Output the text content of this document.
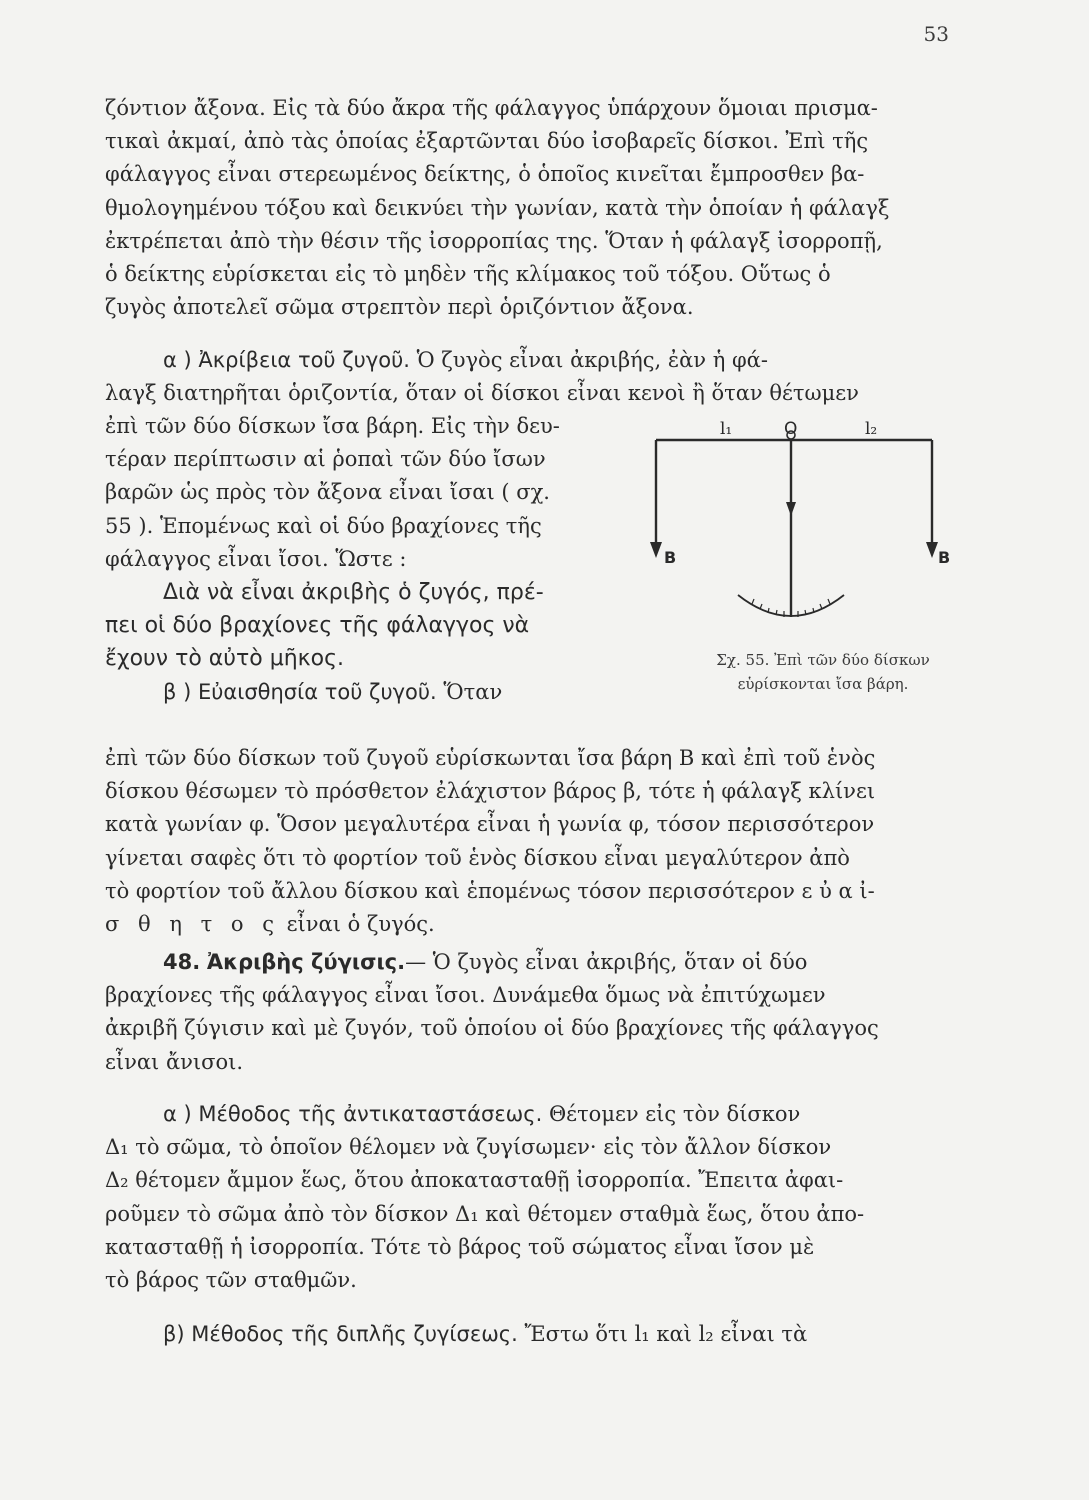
53
ζόντιον ἄξονα. Εἰς τὰ δύο ἄκρα τῆς φάλαγγος ὑπάρχουν ὅμοιαι πρισμα-
τικαὶ ἀκμαί, ἀπὸ τὰς ὁποίας ἐξαρτῶνται δύο ἰσοβαρεῖς δίσκοι. Ἐπὶ τῆς
φάλαγγος εἶναι στερεωμένος δείκτης, ὁ ὁποῖος κινεῖται ἔμπροσθεν βα-
θμολογημένου τόξου καὶ δεικνύει τὴν γωνίαν, κατὰ τὴν ὁποίαν ἡ φάλαγξ
ἐκτρέπεται ἀπὸ τὴν θέσιν τῆς ἰσορροπίας της. Ὅταν ἡ φάλαγξ ἰσορροπῇ,
ὁ δείκτης εὑρίσκεται εἰς τὸ μηδὲν τῆς κλίμακος τοῦ τόξου. Οὕτως ὁ
ζυγὸς ἀποτελεῖ σῶμα στρεπτὸν περὶ ὁριζόντιον ἄξονα.
α ) Ἀκρίβεια τοῦ ζυγοῦ. Ὁ ζυγὸς εἶναι ἀκριβής, ἐὰν ἡ φά-
λαγξ διατηρῆται ὁριζοντία, ὅταν οἱ δίσκοι εἶναι κενοὶ ἢ ὅταν θέτωμεν
ἐπὶ τῶν δύο δίσκων ἴσα βάρη. Εἰς τὴν δευ-
τέραν περίπτωσιν αἱ ῥοπαὶ τῶν δύο ἴσων
βαρῶν ὡς πρὸς τὸν ἄξονα εἶναι ἴσαι ( σχ.
55 ). Ἑπομένως καὶ οἱ δύο βραχίονες τῆς
φάλαγγος εἶναι ἴσοι. Ὥστε :
Διὰ νὰ εἶναι ἀκριβὴς ὁ ζυγός, πρέ-
πει οἱ δύο βραχίονες τῆς φάλαγγος νὰ
ἔχουν τὸ αὐτὸ μῆκος.
β ) Εὐαισθησία τοῦ ζυγοῦ. Ὅταν
l₁	O	l₂
B	B
Σχ. 55. Ἐπὶ τῶν δύο δίσκων
εὑρίσκονται ἴσα βάρη.
ἐπὶ τῶν δύο δίσκων τοῦ ζυγοῦ εὑρίσκωνται ἴσα βάρη Β καὶ ἐπὶ τοῦ ἑνὸς
δίσκου θέσωμεν τὸ πρόσθετον ἐλάχιστον βάρος β, τότε ἡ φάλαγξ κλίνει
κατὰ γωνίαν φ. Ὅσον μεγαλυτέρα εἶναι ἡ γωνία φ, τόσον περισσότερον
γίνεται σαφὲς ὅτι τὸ φορτίον τοῦ ἑνὸς δίσκου εἶναι μεγαλύτερον ἀπὸ
τὸ φορτίον τοῦ ἄλλου δίσκου καὶ ἑπομένως τόσον περισσότερον ε ὐ α ἰ-
σ θ η τ ο ς εἶναι ὁ ζυγός.
48. Ἀκριβὴς ζύγισις.— Ὁ ζυγὸς εἶναι ἀκριβής, ὅταν οἱ δύο
βραχίονες τῆς φάλαγγος εἶναι ἴσοι. Δυνάμεθα ὅμως νὰ ἐπιτύχωμεν
ἀκριβῆ ζύγισιν καὶ μὲ ζυγόν, τοῦ ὁποίου οἱ δύο βραχίονες τῆς φάλαγγος
εἶναι ἄνισοι.
α ) Μέθοδος τῆς ἀντικαταστάσεως. Θέτομεν εἰς τὸν δίσκον
Δ₁ τὸ σῶμα, τὸ ὁποῖον θέλομεν νὰ ζυγίσωμεν· εἰς τὸν ἄλλον δίσκον
Δ₂ θέτομεν ἄμμον ἕως, ὅτου ἀποκατασταθῇ ἰσορροπία. Ἔπειτα ἀφαι-
ροῦμεν τὸ σῶμα ἀπὸ τὸν δίσκον Δ₁ καὶ θέτομεν σταθμὰ ἕως, ὅτου ἀπο-
κατασταθῇ ἡ ἰσορροπία. Τότε τὸ βάρος τοῦ σώματος εἶναι ἴσον μὲ
τὸ βάρος τῶν σταθμῶν.
β) Μέθοδος τῆς διπλῆς ζυγίσεως. Ἔστω ὅτι l₁ καὶ l₂ εἶναι τὰ
